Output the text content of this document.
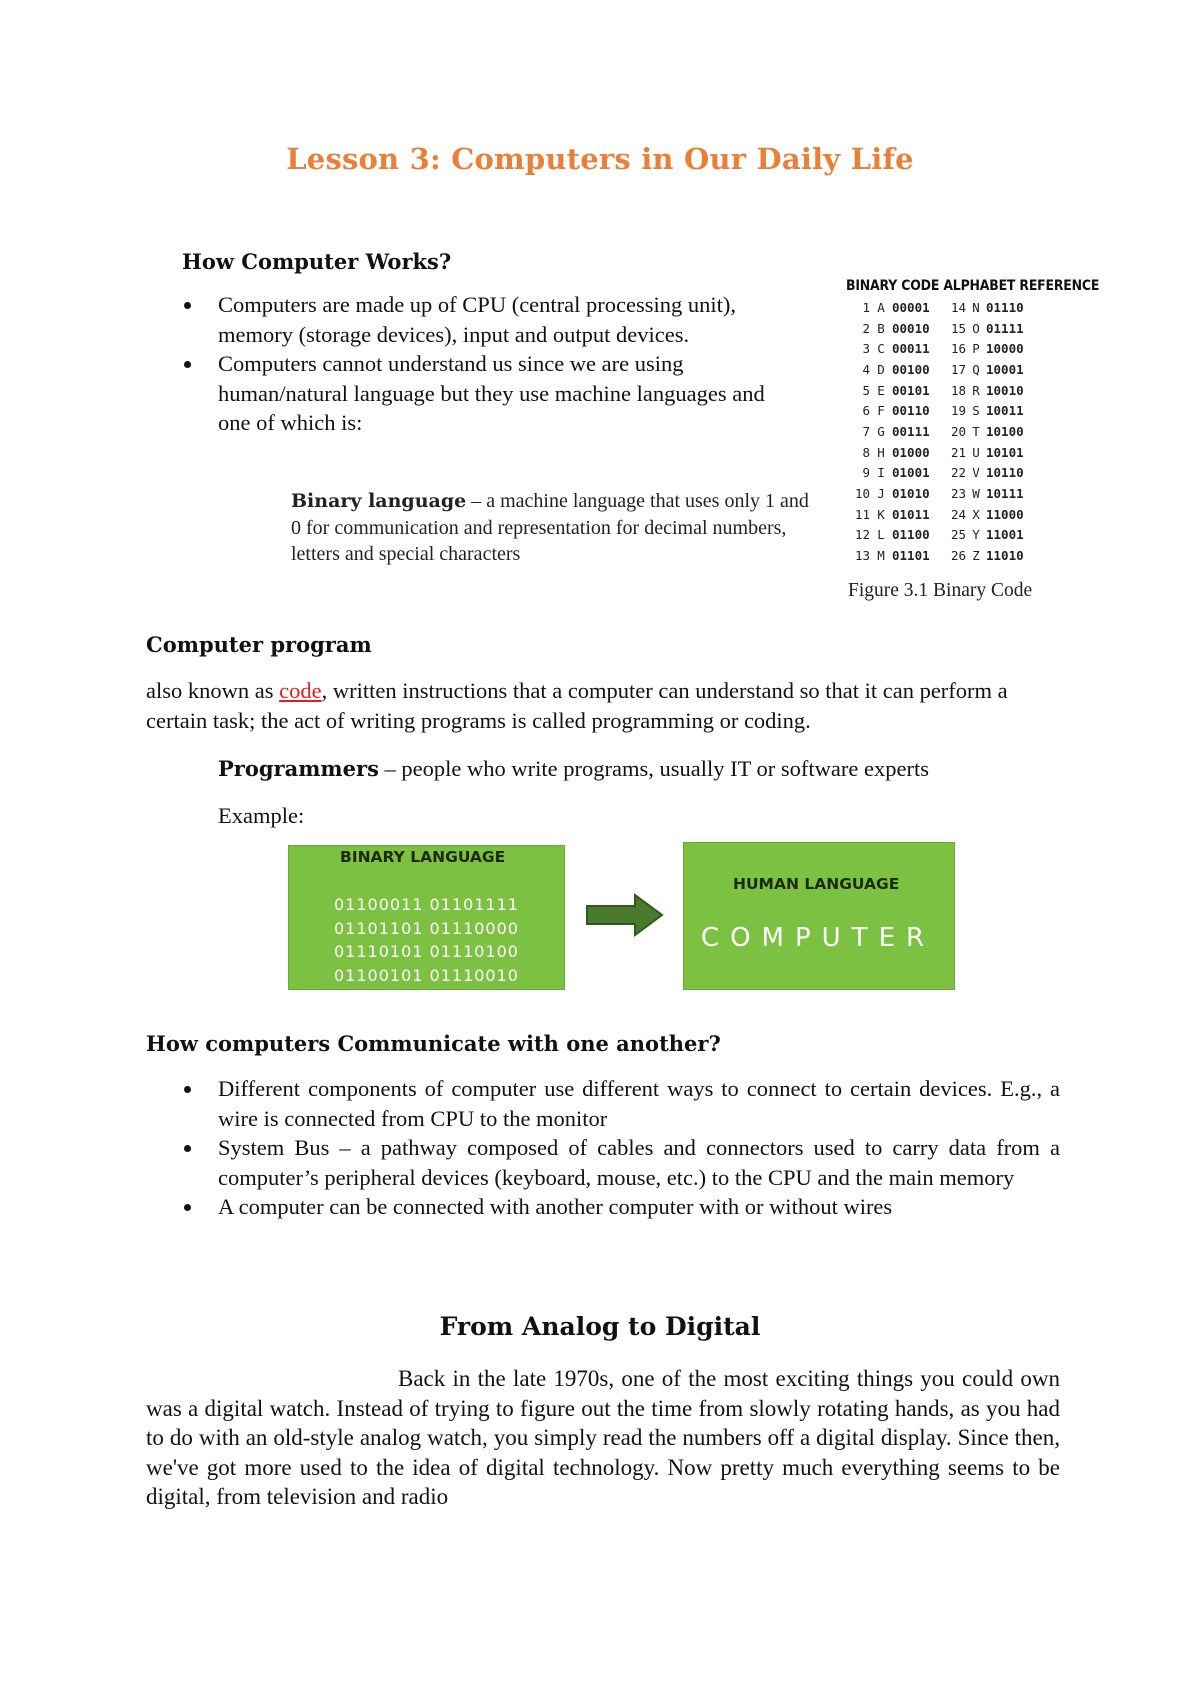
Lesson 3: Computers in Our Daily Life
How Computer Works?
Computers are made up of CPU (central processing unit), memory (storage devices), input and output devices.
Computers cannot understand us since we are using human/natural language but they use machine languages and one of which is:
Binary language – a machine language that uses only 1 and 0 for communication and representation for decimal numbers, letters and special characters
BINARY CODE ALPHABET REFERENCE
1 A 00001	14 N 01110
2 B 00010	15 O 01111
3 C 00011	16 P 10000
4 D 00100	17 Q 10001
5 E 00101	18 R 10010
6 F 00110	19 S 10011
7 G 00111	20 T 10100
8 H 01000	21 U 10101
9 I 01001	22 V 10110
10 J 01010	23 W 10111
11 K 01011	24 X 11000
12 L 01100	25 Y 11001
13 M 01101	26 Z 11010
Figure 3.1 Binary Code
Computer program
also known as code, written instructions that a computer can understand so that it can perform a certain task; the act of writing programs is called programming or coding.
Programmers – people who write programs, usually IT or software experts
Example:
BINARY LANGUAGE
01100011 01101111
01101101 01110000
01110101 01110100
01100101 01110010
HUMAN LANGUAGE
COMPUTER
How computers Communicate with one another?
Different components of computer use different ways to connect to certain devices. E.g., a wire is connected from CPU to the monitor
System Bus – a pathway composed of cables and connectors used to carry data from a computer’s peripheral devices (keyboard, mouse, etc.) to the CPU and the main memory
A computer can be connected with another computer with or without wires
From Analog to Digital
Back in the late 1970s, one of the most exciting things you could own was a digital watch. Instead of trying to figure out the time from slowly rotating hands, as you had to do with an old-style analog watch, you simply read the numbers off a digital display. Since then, we've got more used to the idea of digital technology. Now pretty much everything seems to be digital, from television and radio
